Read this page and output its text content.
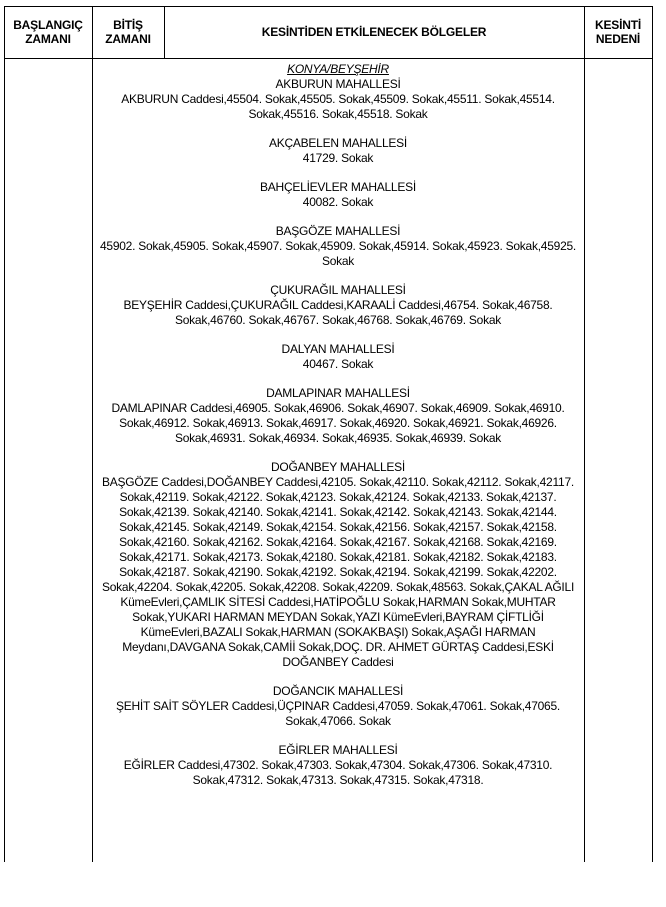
BAŞLANGIÇ
ZAMANI
BİTİŞ
ZAMANI	KESİNTİDEN ETKİLENECEK BÖLGELER	KESİNTİ
NEDENİ
KONYA/BEYŞEHİR
AKBURUN MAHALLESİ
AKBURUN Caddesi,45504. Sokak,45505. Sokak,45509. Sokak,45511. Sokak,45514. Sokak,45516. Sokak,45518. Sokak
AKÇABELEN MAHALLESİ
41729. Sokak
BAHÇELİEVLER MAHALLESİ
40082. Sokak
BAŞGÖZE MAHALLESİ
45902. Sokak,45905. Sokak,45907. Sokak,45909. Sokak,45914. Sokak,45923. Sokak,45925. Sokak
ÇUKURAĞIL MAHALLESİ
BEYŞEHİR Caddesi,ÇUKURAĞIL Caddesi,KARAALİ Caddesi,46754. Sokak,46758. Sokak,46760. Sokak,46767. Sokak,46768. Sokak,46769. Sokak
DALYAN MAHALLESİ
40467. Sokak
DAMLAPINAR MAHALLESİ
DAMLAPINAR Caddesi,46905. Sokak,46906. Sokak,46907. Sokak,46909. Sokak,46910. Sokak,46912. Sokak,46913. Sokak,46917. Sokak,46920. Sokak,46921. Sokak,46926. Sokak,46931. Sokak,46934. Sokak,46935. Sokak,46939. Sokak
DOĞANBEY MAHALLESİ
BAŞGÖZE Caddesi,DOĞANBEY Caddesi,42105. Sokak,42110. Sokak,42112. Sokak,42117. Sokak,42119. Sokak,42122. Sokak,42123. Sokak,42124. Sokak,42133. Sokak,42137. Sokak,42139. Sokak,42140. Sokak,42141. Sokak,42142. Sokak,42143. Sokak,42144. Sokak,42145. Sokak,42149. Sokak,42154. Sokak,42156. Sokak,42157. Sokak,42158. Sokak,42160. Sokak,42162. Sokak,42164. Sokak,42167. Sokak,42168. Sokak,42169. Sokak,42171. Sokak,42173. Sokak,42180. Sokak,42181. Sokak,42182. Sokak,42183. Sokak,42187. Sokak,42190. Sokak,42192. Sokak,42194. Sokak,42199. Sokak,42202. Sokak,42204. Sokak,42205. Sokak,42208. Sokak,42209. Sokak,48563. Sokak,ÇAKAL AĞILI KümeEvleri,ÇAMLIK SİTESİ Caddesi,HATİPOĞLU Sokak,HARMAN Sokak,MUHTAR Sokak,YUKARI HARMAN MEYDAN Sokak,YAZI KümeEvleri,BAYRAM ÇİFTLİĞİ KümeEvleri,BAZALI Sokak,HARMAN (SOKAKBAŞI) Sokak,AŞAĞI HARMAN Meydanı,DAVGANA Sokak,CAMİİ Sokak,DOÇ. DR. AHMET GÜRTAŞ Caddesi,ESKİ DOĞANBEY Caddesi
DOĞANCIK MAHALLESİ
ŞEHİT SAİT SÖYLER Caddesi,ÜÇPINAR Caddesi,47059. Sokak,47061. Sokak,47065. Sokak,47066. Sokak
EĞİRLER MAHALLESİ
EĞİRLER Caddesi,47302. Sokak,47303. Sokak,47304. Sokak,47306. Sokak,47310. Sokak,47312. Sokak,47313. Sokak,47315. Sokak,47318.
